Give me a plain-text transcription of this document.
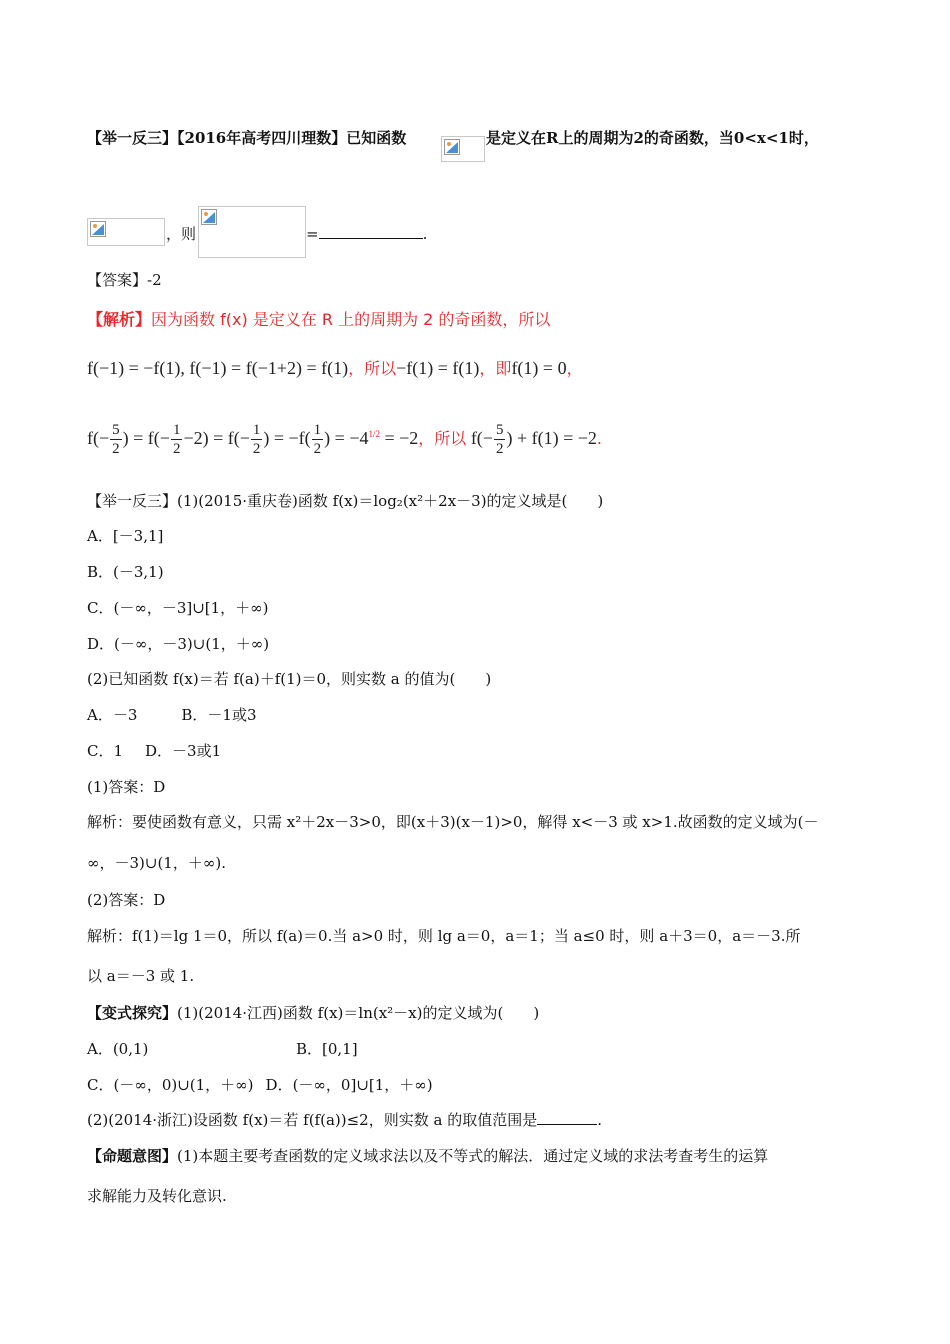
【举一反三】【2016年高考四川理数】已知函数	是定义在R上的周期为2的奇函数，当0<x<1时，
，则	=	.
【答案】-2
【解析】因为函数 f(x) 是定义在 R 上的周期为 2 的奇函数，所以
f(−1) = −f(1), f(−1) = f(−1+2) = f(1)，所以−f(1) = f(1)，即f(1) = 0，
$f(- \frac{5}{2}$ ) = $f(- \frac{1}{2} -2) = f(- \frac{1}{2}$ ) = $-f( \frac{1}{2}$ ) = $-4^{1/2} = -2$，所以 $f(- \frac{5}{2}$ ) + f(1) = −2.
【举一反三】(1)(2015·重庆卷)函数 f(x)＝log₂(x²＋2x－3)的定义域是(　　)
A．[－3,1]
B．(－3,1)
C．(－∞，－3]∪[1，＋∞)
D．(－∞，－3)∪(1，＋∞)
(2)已知函数 f(x)＝若 f(a)＋f(1)＝0，则实数 a 的值为(　　)
A．－3	B．－1或3
C．1 D．－3或1
(1)答案：D
解析：要使函数有意义，只需 x²＋2x－3>0，即(x＋3)(x－1)>0，解得 x<－3 或 x>1.故函数的定义域为(－
∞，－3)∪(1，＋∞).
(2)答案：D
解析：f(1)＝lg 1＝0，所以 f(a)＝0.当 a>0 时，则 lg a＝0，a＝1；当 a≤0 时，则 a＋3＝0，a＝－3.所
以 a＝－3 或 1.
【变式探究】(1)(2014·江西)函数 f(x)＝ln(x²－x)的定义域为(　　)
A．(0,1)	B．[0,1]
C．(－∞，0)∪(1，＋∞) D．(－∞，0]∪[1，＋∞)
(2)(2014·浙江)设函数 f(x)＝若 f(f(a))≤2，则实数 a 的取值范围是	.
【命题意图】(1)本题主要考查函数的定义域求法以及不等式的解法．通过定义域的求法考查考生的运算
求解能力及转化意识.
